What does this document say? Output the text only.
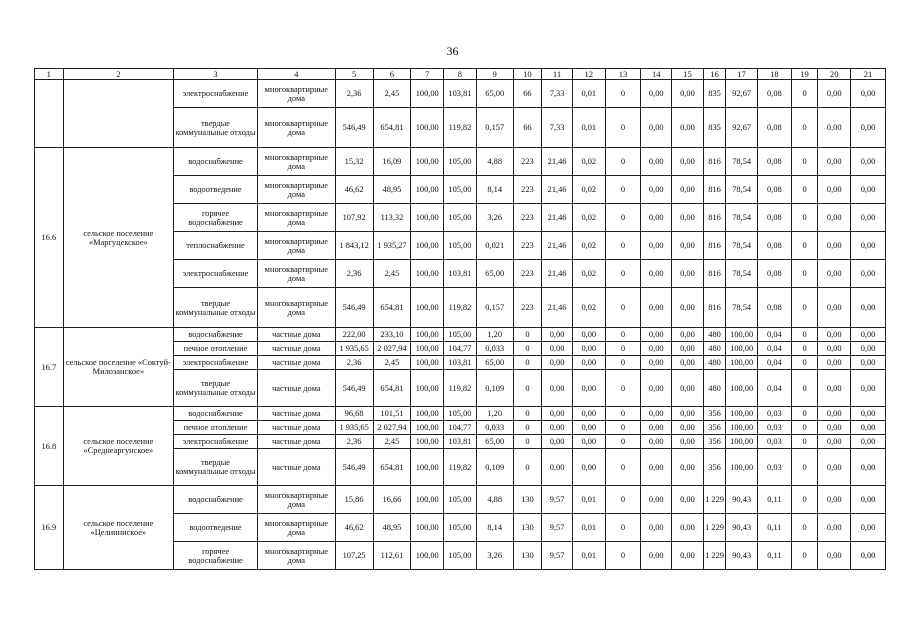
36
1	2	3	4	5	6	7	8	9	10	11	12	13	14	15	16	17	18	19	20	21
		электроснабжение	многоквартирные дома	2,36	2,45	100,00	103,81	65,00	66	7,33	0,01	0	0,00	0,00	835	92,67	0,08	0	0,00	0,00
		твердые коммунальные отходы	многоквартирные дома	546,49	654,81	100,00	119,82	0,157	66	7,33	0,01	0	0,00	0,00	835	92,67	0,08	0	0,00	0,00
16.6	сельское поселение «Маргуцекское»	водоснабжение	многоквартирные дома	15,32	16,09	100,00	105,00	4,88	223	21,46	0,02	0	0,00	0,00	816	78,54	0,08	0	0,00	0,00
		водоотведение	многоквартирные дома	46,62	48,95	100,00	105,00	8,14	223	21,46	0,02	0	0,00	0,00	816	78,54	0,08	0	0,00	0,00
		горячее водоснабжение	многоквартирные дома	107,92	113,32	100,00	105,00	3,26	223	21,46	0,02	0	0,00	0,00	816	78,54	0,08	0	0,00	0,00
		теплоснабжение	многоквартирные дома	1 843,12	1 935,27	100,00	105,00	0,021	223	21,46	0,02	0	0,00	0,00	816	78,54	0,08	0	0,00	0,00
		электроснабжение	многоквартирные дома	2,36	2,45	100,00	103,81	65,00	223	21,46	0,02	0	0,00	0,00	816	78,54	0,08	0	0,00	0,00
		твердые коммунальные отходы	многоквартирные дома	546,49	654,81	100,00	119,82	0,157	223	21,46	0,02	0	0,00	0,00	816	78,54	0,08	0	0,00	0,00
16.7	сельское поселение «Соктуй-Милозанское»	водоснабжение	частные дома	222,00	233,10	100,00	105,00	1,20	0	0,00	0,00	0	0,00	0,00	480	100,00	0,04	0	0,00	0,00
		печное отопление	частные дома	1 935,65	2 027,94	100,00	104,77	0,033	0	0,00	0,00	0	0,00	0,00	480	100,00	0,04	0	0,00	0,00
		электроснабжение	частные дома	2,36	2,45	100,00	103,81	65,00	0	0,00	0,00	0	0,00	0,00	480	100,00	0,04	0	0,00	0,00
		твердые коммунальные отходы	частные дома	546,49	654,81	100,00	119,82	0,109	0	0,00	0,00	0	0,00	0,00	480	100,00	0,04	0	0,00	0,00
16.8	сельское поселение «Среднеаргунское»	водоснабжение	частные дома	96,68	101,51	100,00	105,00	1,20	0	0,00	0,00	0	0,00	0,00	356	100,00	0,03	0	0,00	0,00
		печное отопление	частные дома	1 935,65	2 027,94	100,00	104,77	0,033	0	0,00	0,00	0	0,00	0,00	356	100,00	0,03	0	0,00	0,00
		электроснабжение	частные дома	2,36	2,45	100,00	103,81	65,00	0	0,00	0,00	0	0,00	0,00	356	100,00	0,03	0	0,00	0,00
		твердые коммунальные отходы	частные дома	546,49	654,81	100,00	119,82	0,109	0	0,00	0,00	0	0,00	0,00	356	100,00	0,03	0	0,00	0,00
16.9	сельское поселение «Целинниское»	водоснабжение	многоквартирные дома	15,86	16,66	100,00	105,00	4,88	130	9,57	0,01	0	0,00	0,00	1 229	90,43	0,11	0	0,00	0,00
		водоотведение	многоквартирные дома	46,62	48,95	100,00	105,00	8,14	130	9,57	0,01	0	0,00	0,00	1 229	90,43	0,11	0	0,00	0,00
		горячее водоснабжение	многоквартирные дома	107,25	112,61	100,00	105,00	3,26	130	9,57	0,01	0	0,00	0,00	1 229	90,43	0,11	0	0,00	0,00
